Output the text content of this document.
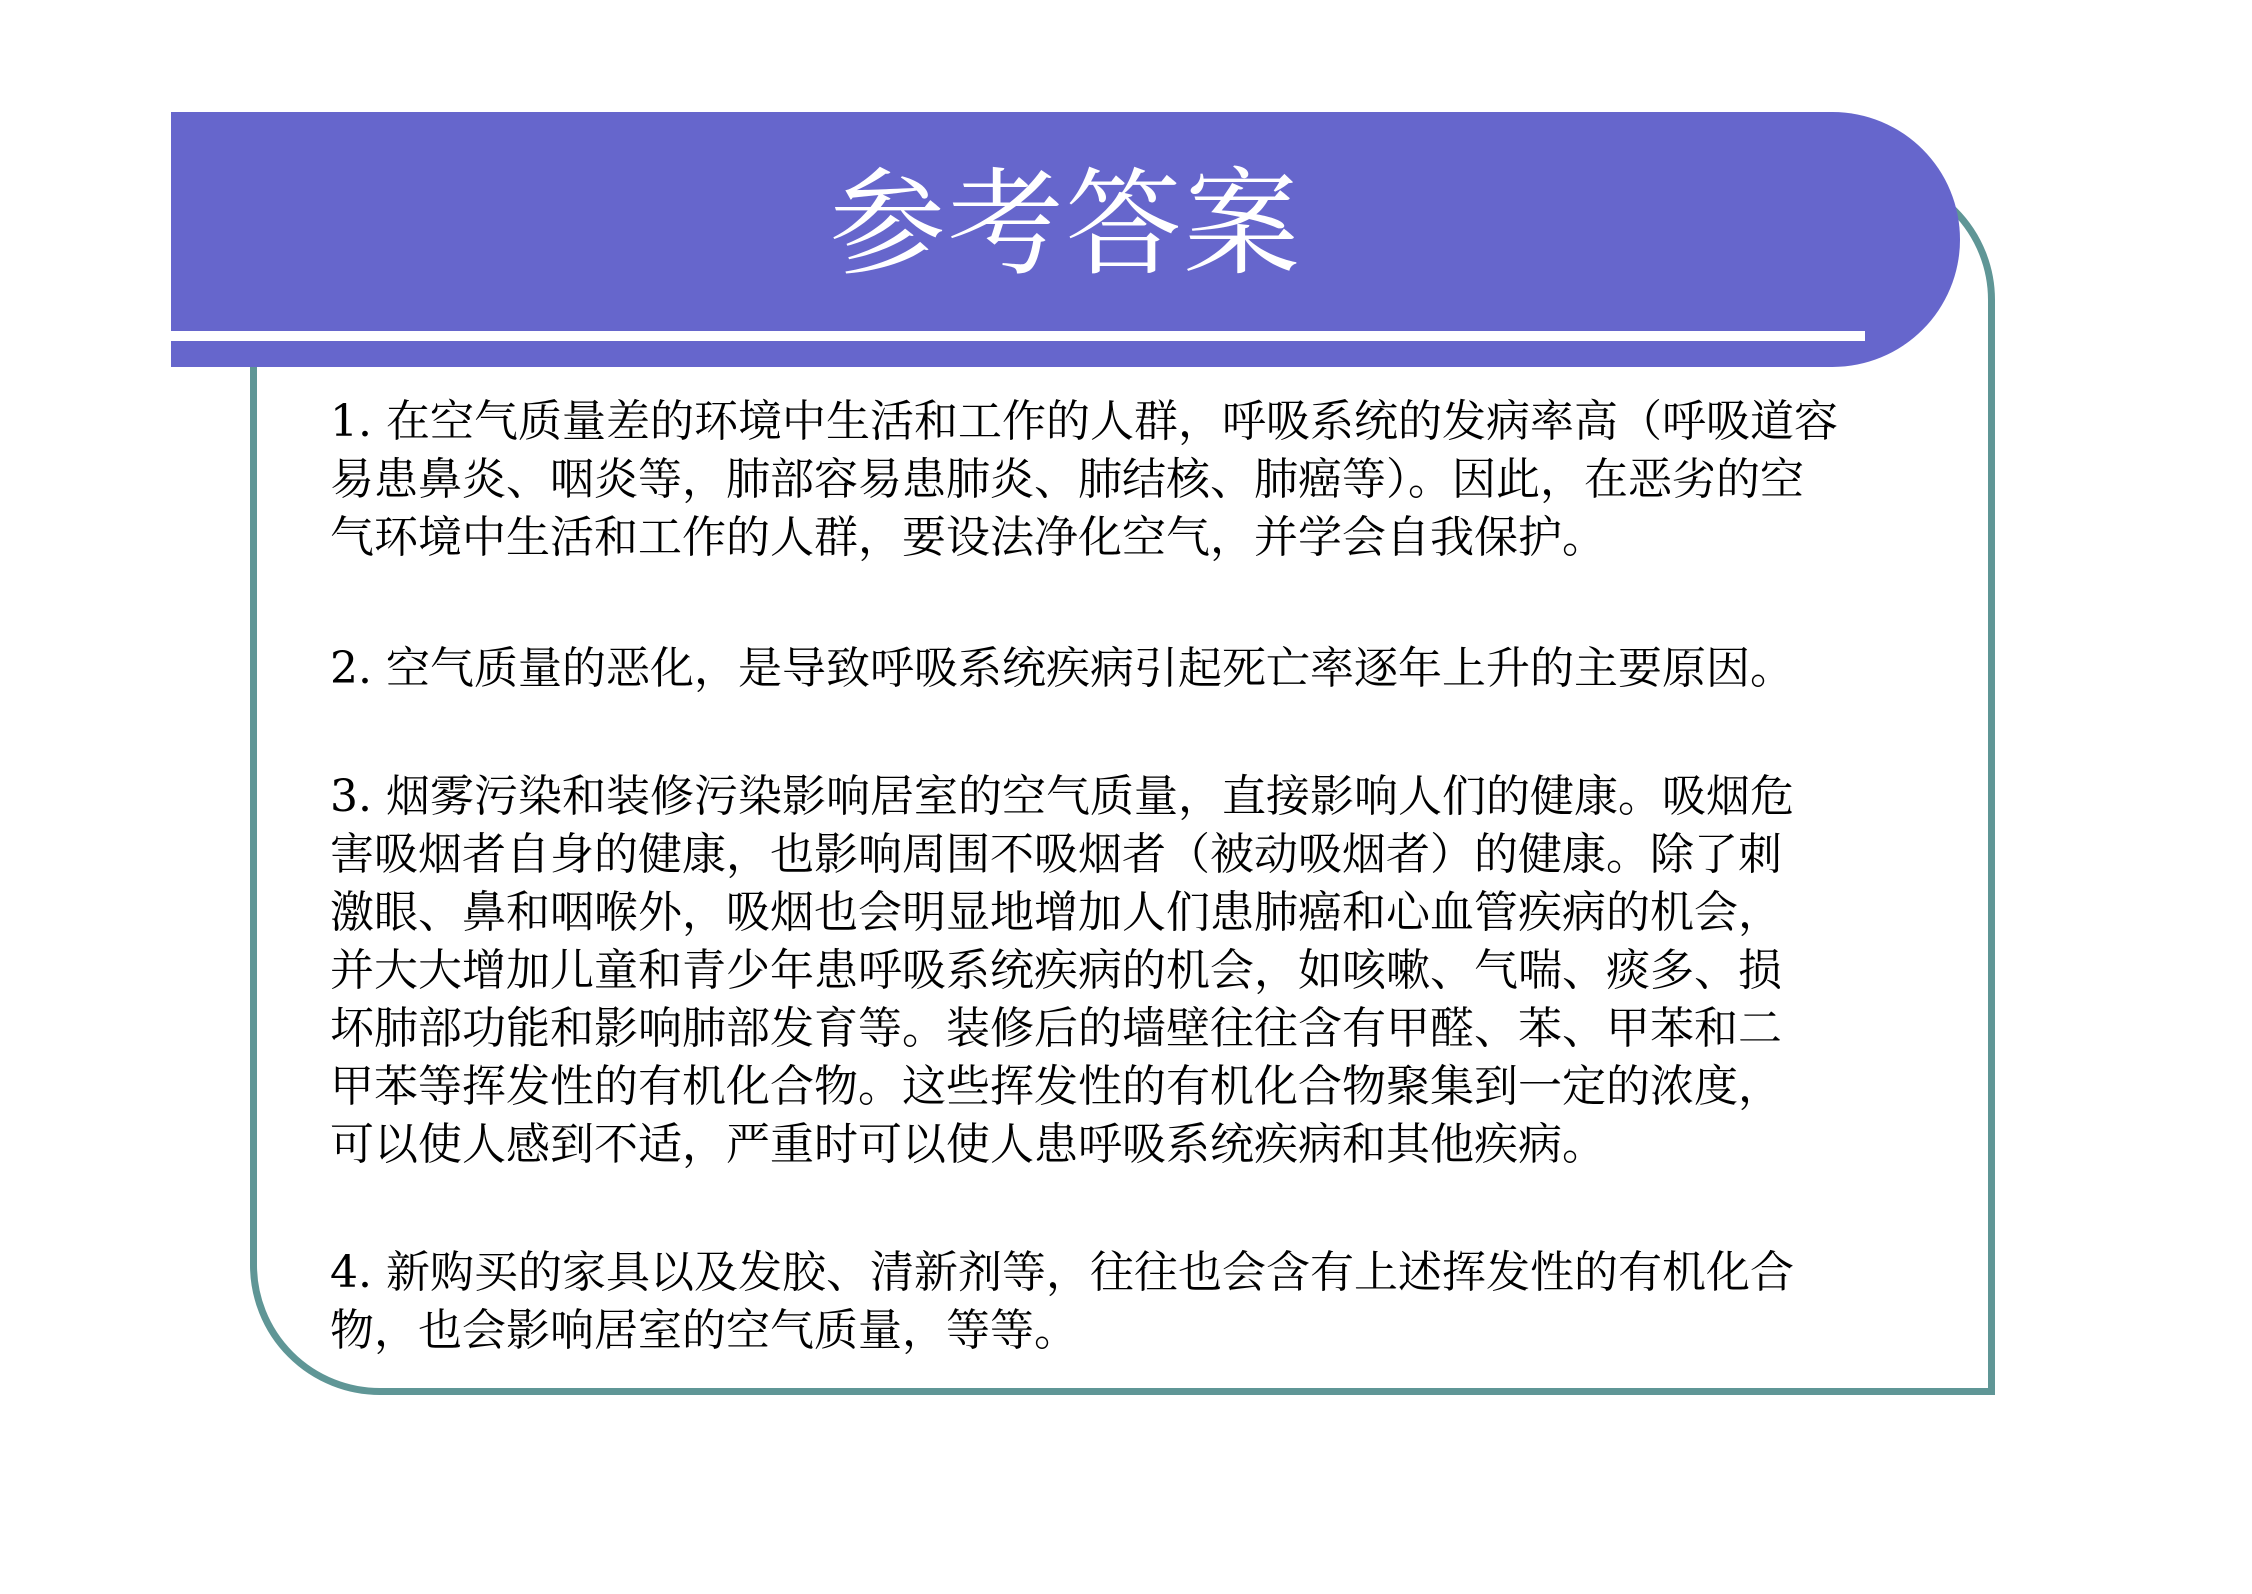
参考答案

1. 在空气质量差的环境中生活和工作的人群，呼吸系统的发病率高（呼吸道容
易患鼻炎、咽炎等，肺部容易患肺炎、肺结核、肺癌等）。因此，在恶劣的空
气环境中生活和工作的人群，要设法净化空气，并学会自我保护。

2. 空气质量的恶化，是导致呼吸系统疾病引起死亡率逐年上升的主要原因。

3. 烟雾污染和装修污染影响居室的空气质量，直接影响人们的健康。吸烟危
害吸烟者自身的健康，也影响周围不吸烟者（被动吸烟者）的健康。除了刺
激眼、鼻和咽喉外，吸烟也会明显地增加人们患肺癌和心血管疾病的机会，
并大大增加儿童和青少年患呼吸系统疾病的机会，如咳嗽、气喘、痰多、损
坏肺部功能和影响肺部发育等。装修后的墙壁往往含有甲醛、苯、甲苯和二
甲苯等挥发性的有机化合物。这些挥发性的有机化合物聚集到一定的浓度，
可以使人感到不适，严重时可以使人患呼吸系统疾病和其他疾病。

4. 新购买的家具以及发胶、清新剂等，往往也会含有上述挥发性的有机化合
物，也会影响居室的空气质量，等等。
